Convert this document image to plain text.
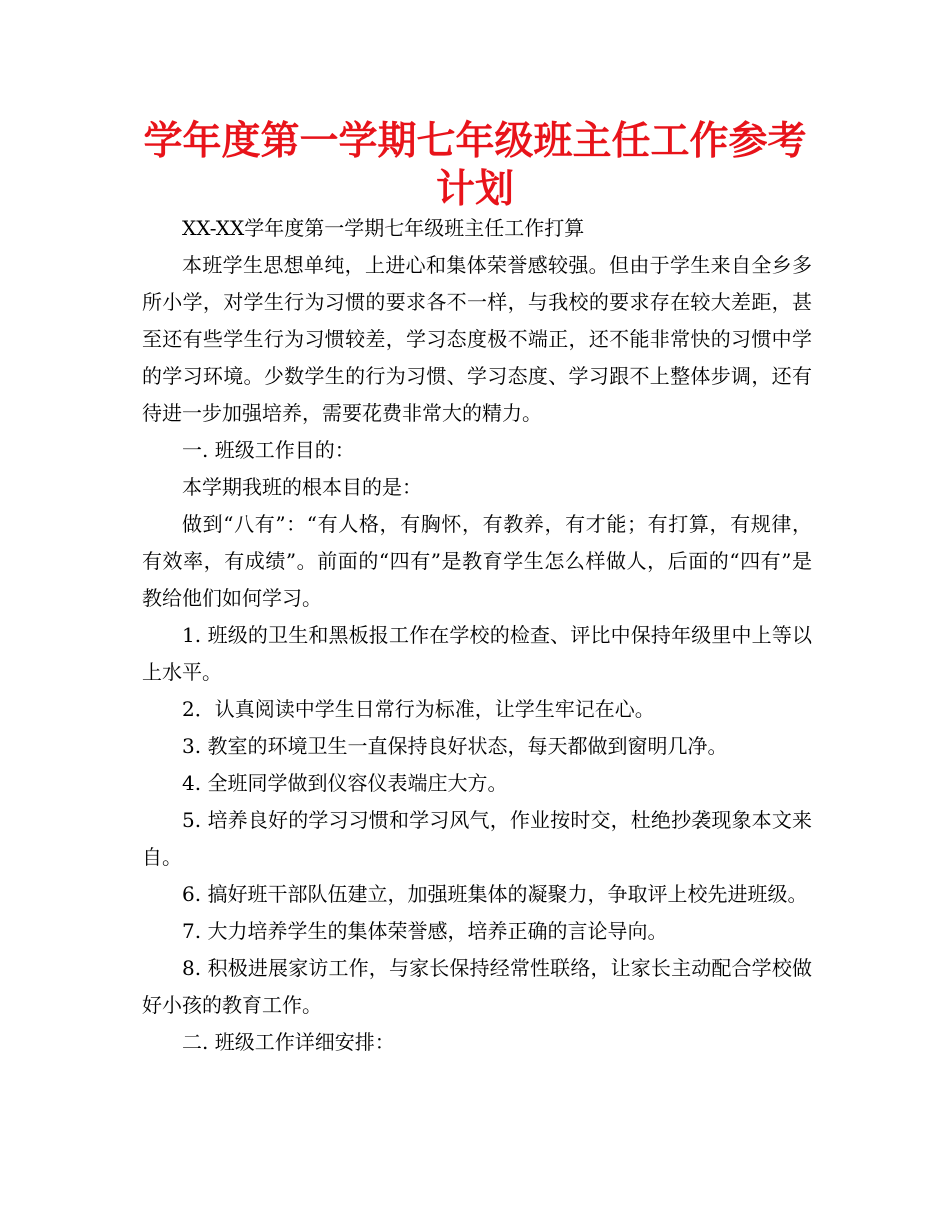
学年度第一学期七年级班主任工作参考计划

XX-XX学年度第一学期七年级班主任工作打算

本班学生思想单纯，上进心和集体荣誉感较强。但由于学生来自全乡多所小学，对学生行为习惯的要求各不一样，与我校的要求存在较大差距，甚至还有些学生行为习惯较差，学习态度极不端正，还不能非常快的习惯中学的学习环境。少数学生的行为习惯、学习态度、学习跟不上整体步调，还有待进一步加强培养，需要花费非常大的精力。

一. 班级工作目的：

本学期我班的根本目的是：

做到“八有”：“有人格，有胸怀，有教养，有才能；有打算，有规律，有效率，有成绩”。前面的“四有”是教育学生怎么样做人，后面的“四有”是教给他们如何学习。

1. 班级的卫生和黑板报工作在学校的检查、评比中保持年级里中上等以上水平。

2．认真阅读中学生日常行为标准，让学生牢记在心。

3. 教室的环境卫生一直保持良好状态，每天都做到窗明几净。

4. 全班同学做到仪容仪表端庄大方。

5. 培养良好的学习习惯和学习风气，作业按时交，杜绝抄袭现象本文来自。

6. 搞好班干部队伍建立，加强班集体的凝聚力，争取评上校先进班级。

7. 大力培养学生的集体荣誉感，培养正确的言论导向。

8. 积极进展家访工作，与家长保持经常性联络，让家长主动配合学校做好小孩的教育工作。

二. 班级工作详细安排：
